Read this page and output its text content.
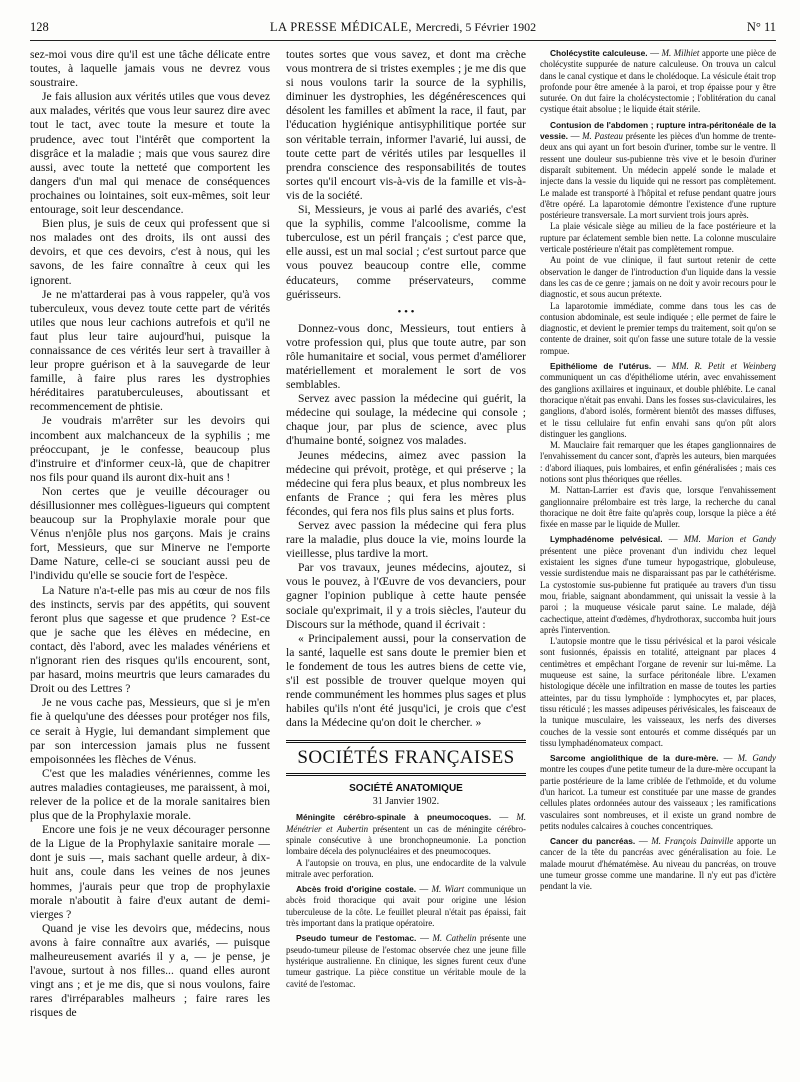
128	LA PRESSE MÉDICALE, Mercredi, 5 Février 1902	N° 11

sez-moi vous dire qu'il est une tâche délicate entre toutes, à laquelle jamais vous ne devrez vous soustraire.

Je fais allusion aux vérités utiles que vous devez aux malades, vérités que vous leur saurez dire avec tout le tact, avec toute la mesure et toute la prudence, avec tout l'intérêt que comportent la disgrâce et la maladie ; mais que vous saurez dire aussi, avec toute la netteté que comportent les dangers d'un mal qui menace de conséquences prochaines ou lointaines, soit eux-mêmes, soit leur entourage, soit leur descendance.

Bien plus, je suis de ceux qui professent que si nos malades ont des droits, ils ont aussi des devoirs, et que ces devoirs, c'est à nous, qui les savons, de les faire connaître à ceux qui les ignorent.

Je ne m'attarderai pas à vous rappeler, qu'à vos tuberculeux, vous devez toute cette part de vérités utiles que nous leur cachions autrefois et qu'il ne faut plus leur taire aujourd'hui, puisque la connaissance de ces vérités leur sert à travailler à leur propre guérison et à la sauvegarde de leur famille, à faire plus rares les dystrophies héréditaires paratuberculeuses, aboutissant et recommencement de phtisie.

Je voudrais m'arrêter sur les devoirs qui incombent aux malchanceux de la syphilis ; me préoccupant, je le confesse, beaucoup plus d'instruire et d'informer ceux-là, que de chapitrer nos fils pour quand ils auront dix-huit ans !

Non certes que je veuille décourager ou désillusionner mes collègues-ligueurs qui comptent beaucoup sur la Prophylaxie morale pour que Vénus n'enjôle plus nos garçons. Mais je crains fort, Messieurs, que sur Minerve ne l'emporte Dame Nature, celle-ci se souciant aussi peu de l'individu qu'elle se soucie fort de l'espèce.

La Nature n'a-t-elle pas mis au cœur de nos fils des instincts, servis par des appétits, qui souvent feront plus que sagesse et que prudence ? Est-ce que je sache que les élèves en médecine, en contact, dès l'abord, avec les malades vénériens et n'ignorant rien des risques qu'ils encourent, sont, par hasard, moins meurtris que leurs camarades du Droit ou des Lettres ?

Je ne vous cache pas, Messieurs, que si je m'en fie à quelqu'une des déesses pour protéger nos fils, ce serait à Hygie, lui demandant simplement que par son intercession jamais plus ne fussent empoisonnées les flèches de Vénus.

C'est que les maladies vénériennes, comme les autres maladies contagieuses, me paraissent, à moi, relever de la police et de la morale sanitaires bien plus que de la Prophylaxie morale.

Encore une fois je ne veux décourager personne de la Ligue de la Prophylaxie sanitaire morale — dont je suis —, mais sachant quelle ardeur, à dix-huit ans, coule dans les veines de nos jeunes hommes, j'aurais peur que trop de prophylaxie morale n'aboutit à faire d'eux autant de demi-vierges ?

Quand je vise les devoirs que, médecins, nous avons à faire connaître aux avariés, — puisque malheureusement avariés il y a, — je pense, je l'avoue, surtout à nos filles... quand elles auront vingt ans ; et je me dis, que si nous voulons, faire rares d'irréparables malheurs ; faire rares les risques de

toutes sortes que vous savez, et dont ma crèche vous montrera de si tristes exemples ; je me dis que si nous voulons tarir la source de la syphilis, diminuer les dystrophies, les dégénérescences qui désolent les familles et abîment la race, il faut, par l'éducation hygiénique antisyphilitique portée sur son véritable terrain, informer l'avarié, lui aussi, de toute cette part de vérités utiles par lesquelles il prendra conscience des responsabilités de toutes sortes qu'il encourt vis-à-vis de la famille et vis-à-vis de la société.

Si, Messieurs, je vous ai parlé des avariés, c'est que la syphilis, comme l'alcoolisme, comme la tuberculose, est un péril français ; c'est parce que, elle aussi, est un mal social ; c'est surtout parce que vous pouvez beaucoup contre elle, comme éducateurs, comme préservateurs, comme guérisseurs.

• • •

Donnez-vous donc, Messieurs, tout entiers à votre profession qui, plus que toute autre, par son rôle humanitaire et social, vous permet d'améliorer matériellement et moralement le sort de vos semblables.

Servez avec passion la médecine qui guérit, la médecine qui soulage, la médecine qui console ; chaque jour, par plus de science, avec plus d'humaine bonté, soignez vos malades.

Jeunes médecins, aimez avec passion la médecine qui prévoit, protège, et qui préserve ; la médecine qui fera plus beaux, et plus nombreux les enfants de France ; qui fera les mères plus fécondes, qui fera nos fils plus sains et plus forts.

Servez avec passion la médecine qui fera plus rare la maladie, plus douce la vie, moins lourde la vieillesse, plus tardive la mort.

Par vos travaux, jeunes médecins, ajoutez, si vous le pouvez, à l'Œuvre de vos devanciers, pour gagner l'opinion publique à cette haute pensée sociale qu'exprimait, il y a trois siècles, l'auteur du Discours sur la méthode, quand il écrivait :

« Principalement aussi, pour la conservation de la santé, laquelle est sans doute le premier bien et le fondement de tous les autres biens de cette vie, s'il est possible de trouver quelque moyen qui rende communément les hommes plus sages et plus habiles qu'ils n'ont été jusqu'ici, je crois que c'est dans la Médecine qu'on doit le chercher. »

SOCIÉTÉS FRANÇAISES
SOCIÉTÉ ANATOMIQUE
31 Janvier 1902.

Méningite cérébro-spinale à pneumocoques. — M. Ménétrier et Aubertin présentent un cas de méningite cérébro-spinale consécutive à une bronchopneumonie. La ponction lombaire décela des polynucléaires et des pneumocoques.

A l'autopsie on trouva, en plus, une endocardite de la valvule mitrale avec perforation.

Abcès froid d'origine costale. — M. Wiart communique un abcès froid thoracique qui avait pour origine une lésion tuberculeuse de la côte. Le feuillet pleural n'était pas épaissi, fait très important dans la pratique opératoire.

Pseudo tumeur de l'estomac. — M. Cathelin présente une pseudo-tumeur pileuse de l'estomac observée chez une jeune fille hystérique australienne. En clinique, les signes furent ceux d'une tumeur gastrique. La pièce constitue un véritable moule de la cavité de l'estomac.

Cholécystite calculeuse. — M. Milhiet apporte une pièce de cholécystite suppurée de nature calculeuse. On trouva un calcul dans le canal cystique et dans le cholédoque. La vésicule était trop profonde pour être amenée à la paroi, et trop épaisse pour y être suturée. On dut faire la cholécystectomie ; l'oblitération du canal cystique était absolue ; le liquide était stérile.

Contusion de l'abdomen ; rupture intra-péritonéale de la vessie. — M. Pasteau présente les pièces d'un homme de trente-deux ans qui ayant un fort besoin d'uriner, tombe sur le ventre. Il ressent une douleur sus-pubienne très vive et le besoin d'uriner disparaît subitement. Un médecin appelé sonde le malade et injecte dans la vessie du liquide qui ne ressort pas complètement. Le malade est transporté à l'hôpital et refuse pendant quatre jours d'être opéré. La laparotomie démontre l'existence d'une rupture postérieure transversale. La mort survient trois jours après.

La plaie vésicale siège au milieu de la face postérieure et la rupture par éclatement semble bien nette. La colonne musculaire verticale postérieure n'était pas complètement rompue.

Au point de vue clinique, il faut surtout retenir de cette observation le danger de l'introduction d'un liquide dans la vessie dans les cas de ce genre ; jamais on ne doit y avoir recours pour le diagnostic, et sous aucun prétexte.

La laparotomie immédiate, comme dans tous les cas de contusion abdominale, est seule indiquée ; elle permet de faire le diagnostic, et devient le premier temps du traitement, soit qu'on se contente de drainer, soit qu'on fasse une suture totale de la vessie rompue.

Epithéliome de l'utérus. — MM. R. Petit et Weinberg communiquent un cas d'épithéliome utérin, avec envahissement des ganglions axillaires et inguinaux, et double phlébite. Le canal thoracique n'était pas envahi. Dans les fosses sus-claviculaires, les ganglions, d'abord isolés, formèrent bientôt des masses diffuses, et le tissu cellulaire fut enfin envahi sans qu'on pût alors distinguer les ganglions.

M. Mauclaire fait remarquer que les étapes ganglionnaires de l'envahissement du cancer sont, d'après les auteurs, bien marquées : d'abord iliaques, puis lombaires, et enfin généralisées ; mais ces notions sont plus théoriques que réelles.

M. Nattan-Larrier est d'avis que, lorsque l'envahissement ganglionnaire prélombaire est très large, la recherche du canal thoracique ne doit être faite qu'après coup, lorsque la pièce a été fixée en masse par le liquide de Muller.

Lymphadénome pelvésical. — MM. Marion et Gandy présentent une pièce provenant d'un individu chez lequel existaient les signes d'une tumeur hypogastrique, globuleuse, vessie surdistendue mais ne disparaissant pas par le cathétérisme. La cystostomie sus-pubienne fut pratiquée au travers d'un tissu mou, friable, saignant abondamment, qui unissait la vessie à la paroi ; la muqueuse vésicale parut saine. Le malade, déjà cachectique, atteint d'œdèmes, d'hydrothorax, succomba huit jours après l'intervention.

L'autopsie montre que le tissu périvésical et la paroi vésicale sont fusionnés, épaissis en totalité, atteignant par places 4 centimètres et empêchant l'organe de revenir sur lui-même. La muqueuse est saine, la surface péritonéale libre. L'examen histologique décèle une infiltration en masse de toutes les parties atteintes, par du tissu lymphoïde : lymphocytes et, par places, tissu réticulé ; les masses adipeuses périvésicales, les faisceaux de la tunique musculaire, les vaisseaux, les nerfs des diverses couches de la vessie sont entourés et comme disséqués par un tissu lymphadénomateux compact.

Sarcome angiolithique de la dure-mère. — M. Gandy montre les coupes d'une petite tumeur de la dure-mère occupant la partie postérieure de la lame criblée de l'ethmoïde, et du volume d'un haricot. La tumeur est constituée par une masse de grandes cellules plates ordonnées autour des vaisseaux ; les ramifications vasculaires sont nombreuses, et il existe un grand nombre de petits nodules calcaires à couches concentriques.

Cancer du pancréas. — M. François Dainville apporte un cancer de la tête du pancréas avec généralisation au foie. Le malade mourut d'hématémèse. Au niveau du pancréas, on trouve une tumeur grosse comme une mandarine. Il n'y eut pas d'ictère pendant la vie.
